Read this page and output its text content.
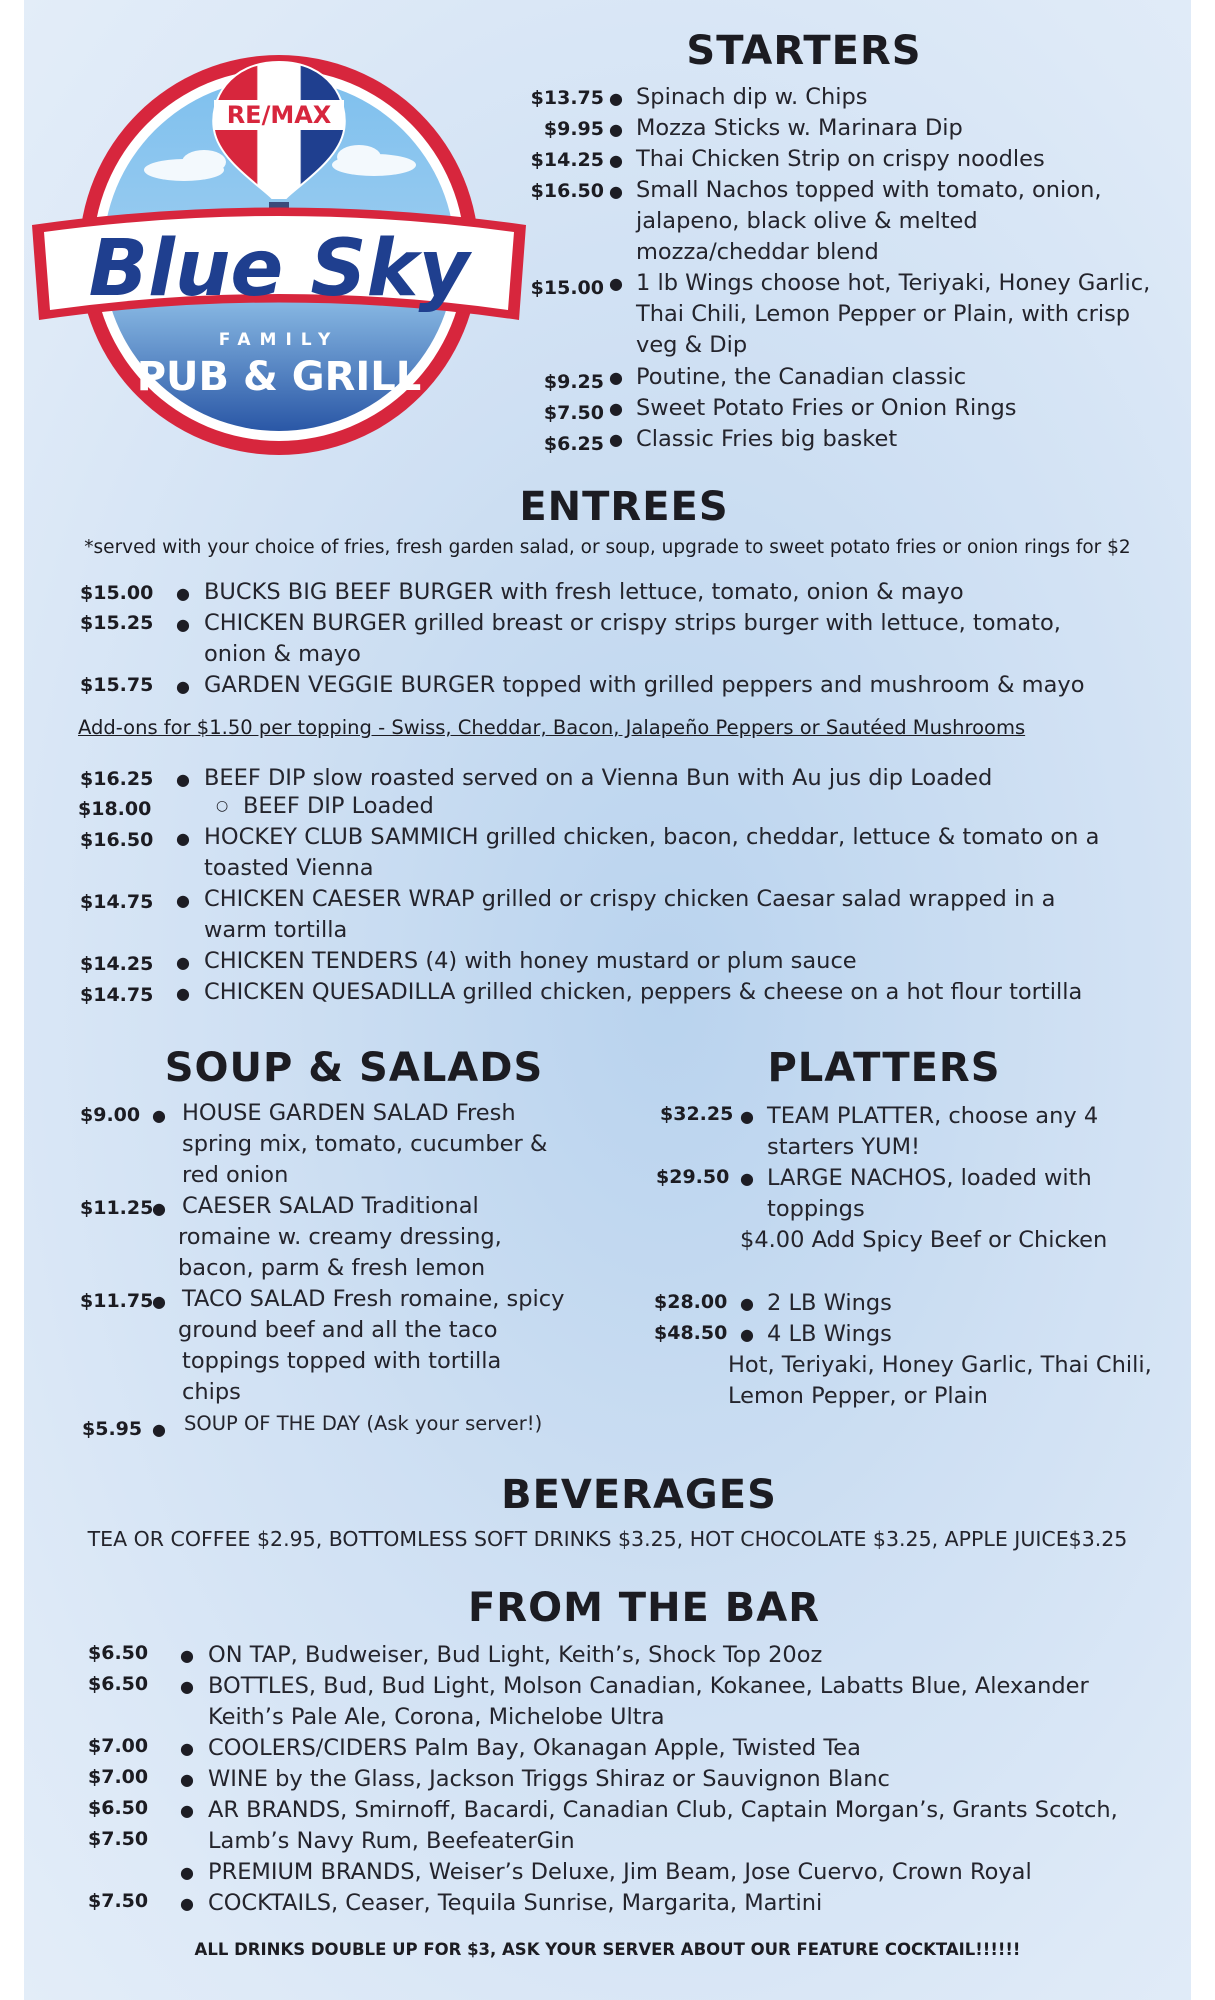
RE/MAX
Blue Sky
FAMILY
PUB & GRILL
STARTERS
$13.75 ● Spinach dip w. Chips
$9.95 ● Mozza Sticks w. Marinara Dip
$14.25 ● Thai Chicken Strip on crispy noodles
$16.50 ● Small Nachos topped with tomato, onion,
jalapeno, black olive & melted
mozza/cheddar blend
$15.00 ● 1 lb Wings choose hot, Teriyaki, Honey Garlic,
Thai Chili, Lemon Pepper or Plain, with crisp
veg & Dip
$9.25 ● Poutine, the Canadian classic
$7.50 ● Sweet Potato Fries or Onion Rings
$6.25 ● Classic Fries big basket
ENTREES
*served with your choice of fries, fresh garden salad, or soup, upgrade to sweet potato fries or onion rings for $2
$15.00 ● BUCKS BIG BEEF BURGER with fresh lettuce, tomato, onion & mayo
$15.25 ● CHICKEN BURGER grilled breast or crispy strips burger with lettuce, tomato,
onion & mayo
$15.75 ● GARDEN VEGGIE BURGER topped with grilled peppers and mushroom & mayo
Add-ons for $1.50 per topping - Swiss, Cheddar, Bacon, Jalapeño Peppers or Sautéed Mushrooms
$16.25 ● BEEF DIP slow roasted served on a Vienna Bun with Au jus dip Loaded
$18.00	○ BEEF DIP Loaded
$16.50 ● HOCKEY CLUB SAMMICH grilled chicken, bacon, cheddar, lettuce & tomato on a
toasted Vienna
$14.75 ● CHICKEN CAESER WRAP grilled or crispy chicken Caesar salad wrapped in a
warm tortilla
$14.25 ● CHICKEN TENDERS (4) with honey mustard or plum sauce
$14.75 ● CHICKEN QUESADILLA grilled chicken, peppers & cheese on a hot flour tortilla
SOUP & SALADS
$9.00 ● HOUSE GARDEN SALAD Fresh
spring mix, tomato, cucumber &
red onion
$11.25
● CAESER SALAD Traditional
romaine w. creamy dressing,
bacon, parm & fresh lemon
$11.75
● TACO SALAD Fresh romaine, spicy
ground beef and all the taco
toppings topped with tortilla
chips
$5.95 ● SOUP OF THE DAY (Ask your server!)
PLATTERS
$32.25 ● TEAM PLATTER, choose any 4
starters YUM!
$29.50 ● LARGE NACHOS, loaded with
toppings
$4.00 Add Spicy Beef or Chicken
$28.00 ● 2 LB Wings
$48.50 ● 4 LB Wings
Hot, Teriyaki, Honey Garlic, Thai Chili,
Lemon Pepper, or Plain
BEVERAGES
TEA OR COFFEE $2.95, BOTTOMLESS SOFT DRINKS $3.25, HOT CHOCOLATE $3.25, APPLE JUICE$3.25
FROM THE BAR
$6.50 ● ON TAP, Budweiser, Bud Light, Keith’s, Shock Top 20oz
$6.50 ● BOTTLES, Bud, Bud Light, Molson Canadian, Kokanee, Labatts Blue, Alexander
Keith’s Pale Ale, Corona, Michelobe Ultra
$7.00 ● COOLERS/CIDERS Palm Bay, Okanagan Apple, Twisted Tea
$7.00 ● WINE by the Glass, Jackson Triggs Shiraz or Sauvignon Blanc
$6.50
$7.50
● AR BRANDS, Smirnoff, Bacardi, Canadian Club, Captain Morgan’s, Grants Scotch,
Lamb’s Navy Rum, BeefeaterGin
● PREMIUM BRANDS, Weiser’s Deluxe, Jim Beam, Jose Cuervo, Crown Royal
$7.50 ● COCKTAILS, Ceaser, Tequila Sunrise, Margarita, Martini
ALL DRINKS DOUBLE UP FOR $3, ASK YOUR SERVER ABOUT OUR FEATURE COCKTAIL!!!!!!
